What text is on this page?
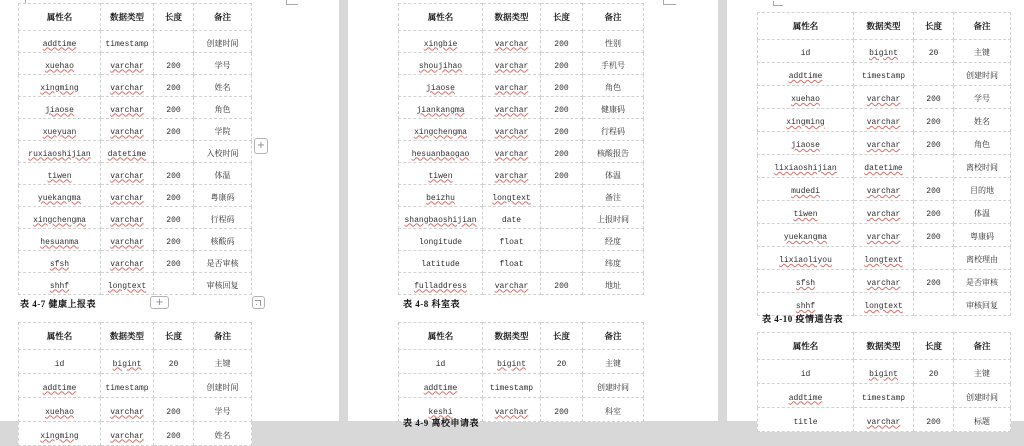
属性名	数据类型	长度	备注
addtime	timestamp		创建时间
xuehao	varchar	200	学号
xingming	varchar	200	姓名
jiaose	varchar	200	角色
xueyuan	varchar	200	学院
ruxiaoshijian	datetime		入校时间
tiwen	varchar	200	体温
yuekangma	varchar	200	粤康码
xingchengma	varchar	200	行程码
hesuanma	varchar	200	核酸码
sfsh	varchar	200	是否审核
shhf	longtext		审核回复
+
表 4-7 健康上报表	+
属性名	数据类型	长度	备注
id	bigint	20	主键
addtime	timestamp		创建时间
xuehao	varchar	200	学号
xingming	varchar	200	姓名
属性名	数据类型	长度	备注
xingbie	varchar	200	性别
shoujihao	varchar	200	手机号
jiaose	varchar	200	角色
jiankangma	varchar	200	健康码
xingchengma	varchar	200	行程码
hesuanbaogao	varchar	200	核酸报告
tiwen	varchar	200	体温
beizhu	longtext		备注
shangbaoshijian	date		上报时间
longitude	float		经度
latitude	float		纬度
fulladdress	varchar	200	地址
表 4-8 科室表
属性名	数据类型	长度	备注
id	bigint	20	主键
addtime	timestamp		创建时间
keshi	varchar	200	科室
表 4-9 离校申请表
属性名	数据类型	长度	备注
id	bigint	20	主键
addtime	timestamp		创建时间
xuehao	varchar	200	学号
xingming	varchar	200	姓名
jiaose	varchar	200	角色
lixiaoshijian	datetime		离校时间
mudedi	varchar	200	目的地
tiwen	varchar	200	体温
yuekangma	varchar	200	粤康码
lixiaoliyou	longtext		离校理由
sfsh	varchar	200	是否审核
shhf	longtext		审核回复
表 4-10 疫情通告表
属性名	数据类型	长度	备注
id	bigint	20	主键
addtime	timestamp		创建时间
title	varchar	200	标题
